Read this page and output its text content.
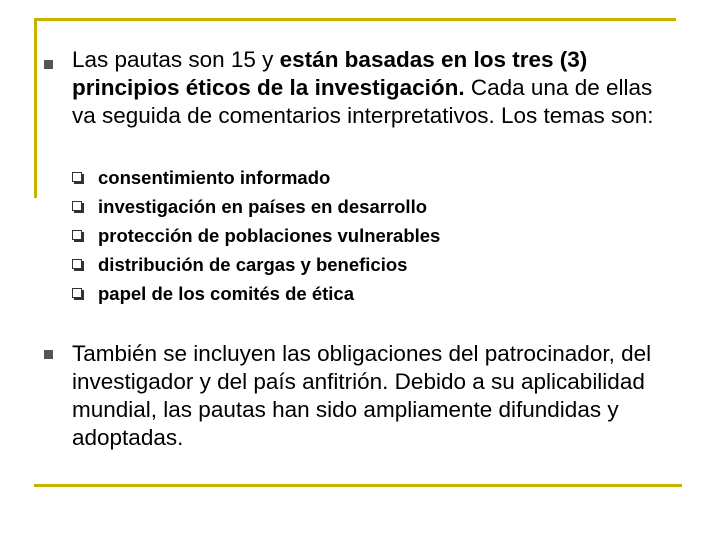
Las pautas son 15 y están basadas en los tres (3) principios éticos de la investigación. Cada una de ellas va seguida de comentarios interpretativos. Los temas son:
consentimiento informado
investigación en países en desarrollo
protección de poblaciones vulnerables
distribución de cargas y beneficios
papel de los comités de ética
También se incluyen las obligaciones del patrocinador, del investigador y del país anfitrión. Debido a su aplicabilidad mundial, las pautas han sido ampliamente difundidas y adoptadas.
